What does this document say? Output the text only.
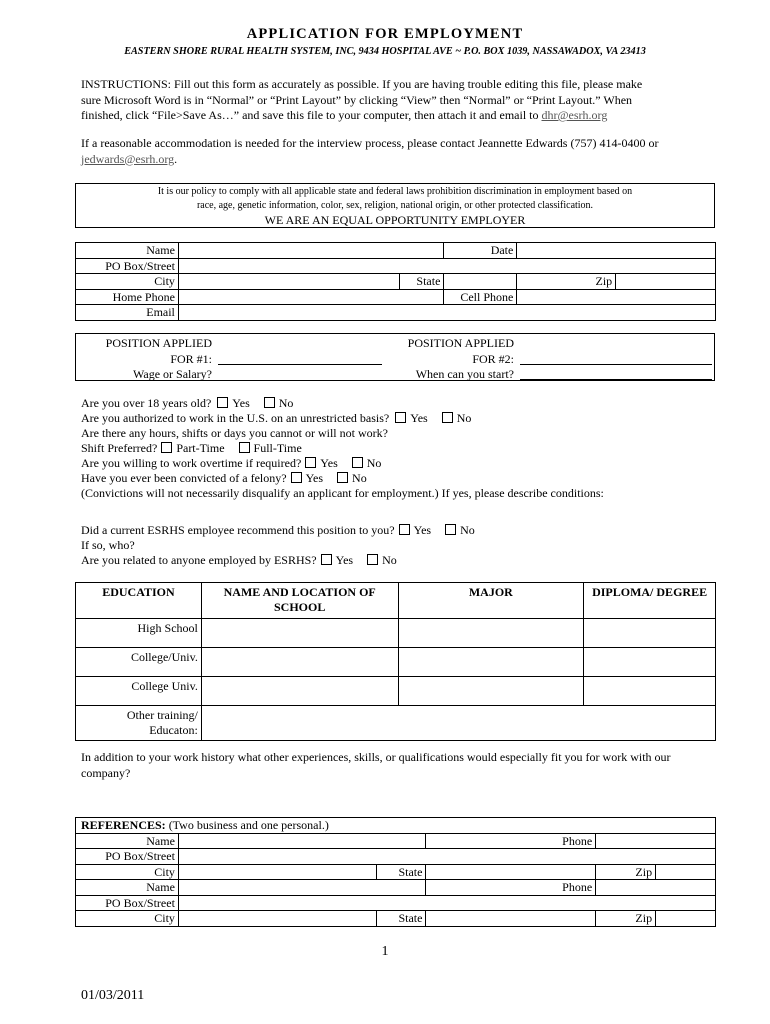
APPLICATION FOR EMPLOYMENT
EASTERN SHORE RURAL HEALTH SYSTEM, INC, 9434 HOSPITAL AVE ~ P.O. BOX 1039, NASSAWADOX, VA 23413
INSTRUCTIONS: Fill out this form as accurately as possible. If you are having trouble editing this file, please make
sure Microsoft Word is in “Normal” or “Print Layout” by clicking “View” then “Normal” or “Print Layout.” When
finished, click “File>Save As…” and save this file to your computer, then attach it and email to dhr@esrh.org
If a reasonable accommodation is needed for the interview process, please contact Jeannette Edwards (757) 414-0400 or
jedwards@esrh.org.
It is our policy to comply with all applicable state and federal laws prohibition discrimination in employment based on
race, age, genetic information, color, sex, religion, national origin, or other protected classification.
WE ARE AN EQUAL OPPORTUNITY EMPLOYER
Name			Date		
PO Box/Street					
City		State		Zip	
Home Phone			Cell Phone		
Email					
POSITION APPLIED
FOR #1:
Wage or Salary?
POSITION APPLIED
FOR #2:
When can you start?
Are you over 18 years old? Yes No
Are you authorized to work in the U.S. on an unrestricted basis? Yes No
Are there any hours, shifts or days you cannot or will not work?
Shift Preferred? Part-Time Full-Time
Are you willing to work overtime if required? Yes No
Have you ever been convicted of a felony? Yes No
(Convictions will not necessarily disqualify an applicant for employment.) If yes, please describe conditions:
Did a current ESRHS employee recommend this position to you? Yes No
If so, who?
Are you related to anyone employed by ESRHS? Yes No
EDUCATION	NAME AND LOCATION OF SCHOOL	MAJOR	DIPLOMA/ DEGREE
High School			
College/Univ.			
College Univ.			
Other training/ Educaton:			
In addition to your work history what other experiences, skills, or qualifications would especially fit you for work with our
company?
REFERENCES: (Two business and one personal.)					
Name			Phone		
PO Box/Street					
City		State		Zip	
Name			Phone		
PO Box/Street					
City		State		Zip	
1
01/03/2011
